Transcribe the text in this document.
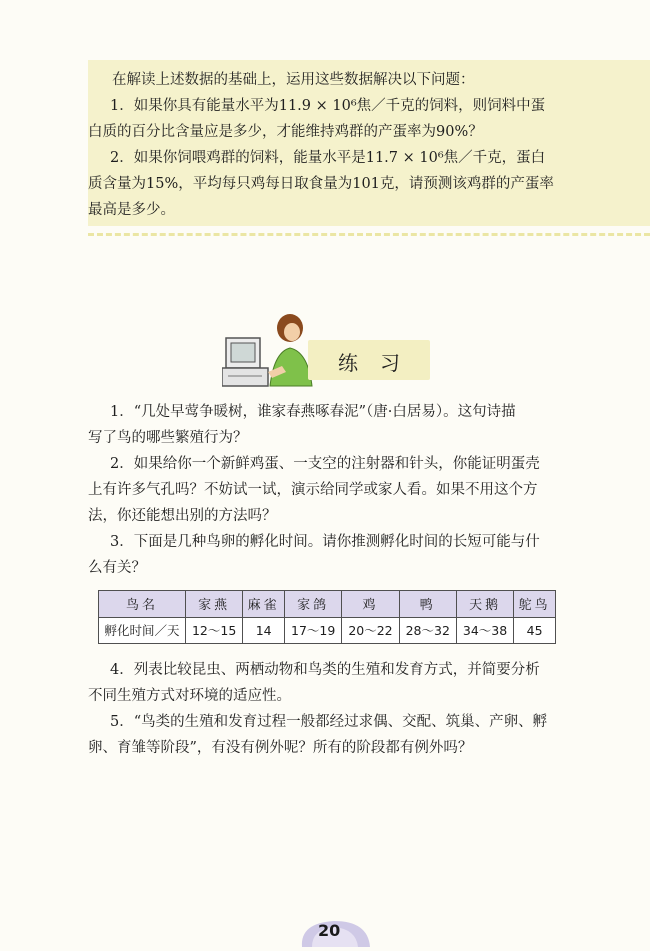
在解读上述数据的基础上，运用这些数据解决以下问题：

1．如果你具有能量水平为11.9 × 10⁶焦／千克的饲料，则饲料中蛋

白质的百分比含量应是多少，才能维持鸡群的产蛋率为90%？

2．如果你饲喂鸡群的饲料，能量水平是11.7 × 10⁶焦／千克，蛋白

质含量为15%，平均每只鸡每日取食量为101克，请预测该鸡群的产蛋率

最高是多少。

练习

1．“几处早莺争暖树，谁家春燕啄春泥”（唐·白居易）。这句诗描

写了鸟的哪些繁殖行为？

2．如果给你一个新鲜鸡蛋、一支空的注射器和针头，你能证明蛋壳

上有许多气孔吗？不妨试一试，演示给同学或家人看。如果不用这个方

法，你还能想出别的方法吗？

3．下面是几种鸟卵的孵化时间。请你推测孵化时间的长短可能与什

么有关？

鸟名	家燕	麻雀	家鸽	鸡	鸭	天鹅	鸵鸟
孵化时间／天	12～15	14	17～19	20～22	28～32	34～38	45

4．列表比较昆虫、两栖动物和鸟类的生殖和发育方式，并简要分析

不同生殖方式对环境的适应性。

5．“鸟类的生殖和发育过程一般都经过求偶、交配、筑巢、产卵、孵

卵、育雏等阶段”，有没有例外呢？所有的阶段都有例外吗？

20
